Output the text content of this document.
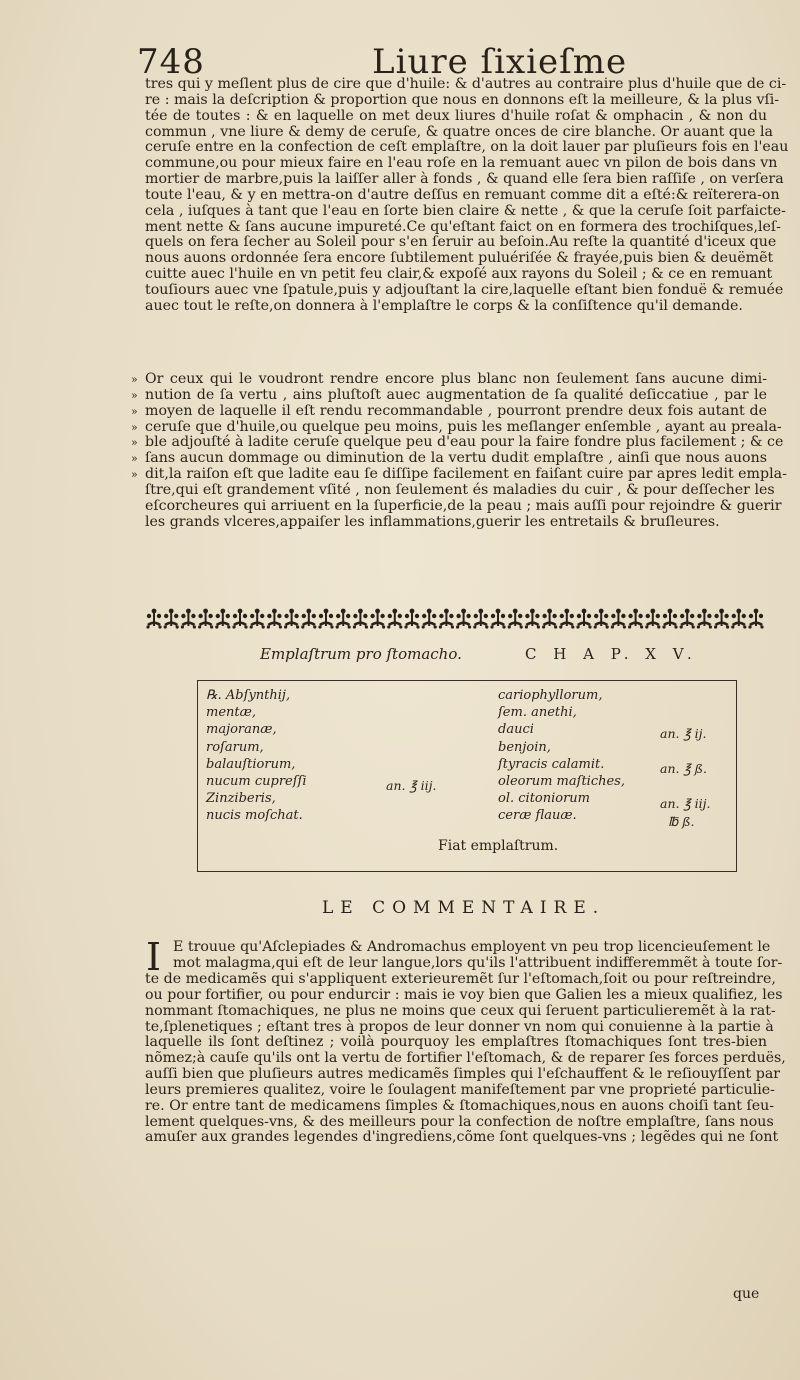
748	Liure ſixieſme
tres qui y meſlent plus de cire que d'huile: & d'autres au contraire plus d'huile que de ci-
re : mais la deſcription & proportion que nous en donnons eſt la meilleure, & la plus vſi-
tée de toutes : & en laquelle on met deux liures d'huile roſat & omphacin , & non du
commun , vne liure & demy de ceruſe, & quatre onces de cire blanche. Or auant que la
ceruſe entre en la confection de ceſt emplaſtre, on la doit lauer par pluſieurs fois en l'eau
commune,ou pour mieux faire en l'eau roſe en la remuant auec vn pilon de bois dans vn
mortier de marbre,puis la laiſſer aller à fonds , & quand elle ſera bien raſſiſe , on verſera
toute l'eau, & y en mettra-on d'autre deſſus en remuant comme dit a eſté:& reïterera-on
cela , iuſques à tant que l'eau en ſorte bien claire & nette , & que la ceruſe ſoit parfaicte-
ment nette & ſans aucune impureté.Ce qu'eſtant faict on en formera des trochiſques,leſ-
quels on fera ſecher au Soleil pour s'en ſeruir au beſoin.Au reſte la quantité d'iceux que
nous auons ordonnée ſera encore ſubtilement puluériſée & frayée,puis bien & deuëmẽt
cuitte auec l'huile en vn petit feu clair,& expoſé aux rayons du Soleil ; & ce en remuant
touſiours auec vne ſpatule,puis y adjouſtant la cire,laquelle eſtant bien fonduë & remuée
auec tout le reſte,on donnera à l'emplaſtre le corps & la conſiſtence qu'il demande.
» Or ceux qui le voudront rendre encore plus blanc non ſeulement ſans aucune dimi-
» nution de ſa vertu , ains pluſtoſt auec augmentation de ſa qualité deſiccatiue , par le
» moyen de laquelle il eſt rendu recommandable , pourront prendre deux fois autant de
» ceruſe que d'huile,ou quelque peu moins, puis les meſlanger enſemble , ayant au preala-
» ble adjouſté à ladite ceruſe quelque peu d'eau pour la faire fondre plus facilement ; & ce
» ſans aucun dommage ou diminution de la vertu dudit emplaſtre , ainſi que nous auons
» dit,la raiſon eſt que ladite eau ſe diſſipe facilement en faiſant cuire par apres ledit empla-
ſtre,qui eſt grandement vſité , non ſeulement és maladies du cuir , & pour deſſecher les
eſcorcheures qui arriuent en la ſuperficie,de la peau ; mais auſſi pour rejoindre & guerir
les grands vlceres,appaiſer les inflammations,guerir les entretails & bruſleures.
Emplaſtrum pro ſtomacho.	C H A P. X V.
℞. Abſynthij,
mentæ,
majoranæ,
roſarum,
balauſtiorum,
nucum cupreſſi
Zinziberis,
nucis moſchat.
cariophyllorum,
ſem. anethi,
dauci
benjoin,
ſtyracis calamit.
oleorum maſtiches,
ol. citoniorum
ceræ flauæ.
an. ℥ iij.
an. ℥ ij.
an. ℥ ß.
an. ℥ iij.
℔ ß.
Fiat emplaſtrum.
LE COMMENTAIRE.
I E trouue qu'Aſclepiades & Andromachus employent vn peu trop licencieuſement le
mot malagma,qui eſt de leur langue,lors qu'ils l'attribuent indifferemmẽt à toute ſor-
te de medicamẽs qui s'appliquent exterieuremẽt ſur l'eſtomach,ſoit ou pour reſtreindre,
ou pour fortifier, ou pour endurcir : mais ie voy bien que Galien les a mieux qualifiez, les
nommant ſtomachiques, ne plus ne moins que ceux qui ſeruent particulieremẽt à la rat-
te,ſplenetiques ; eſtant tres à propos de leur donner vn nom qui conuienne à la partie à
laquelle ils ſont deſtinez ; voilà pourquoy les emplaſtres ſtomachiques ſont tres-bien
nõmez;à cauſe qu'ils ont la vertu de fortifier l'eſtomach, & de reparer ſes forces perduës,
auſſi bien que pluſieurs autres medicamẽs ſimples qui l'eſchauffent & le reſiouyſſent par
leurs premieres qualitez, voire le ſoulagent manifeſtement par vne proprieté particulie-
re. Or entre tant de medicamens ſimples & ſtomachiques,nous en auons choiſi tant ſeu-
lement quelques-vns, & des meilleurs pour la confection de noſtre emplaſtre, ſans nous
amuſer aux grandes legendes d'ingrediens,cõme ſont quelques-vns ; legẽdes qui ne ſont
que
